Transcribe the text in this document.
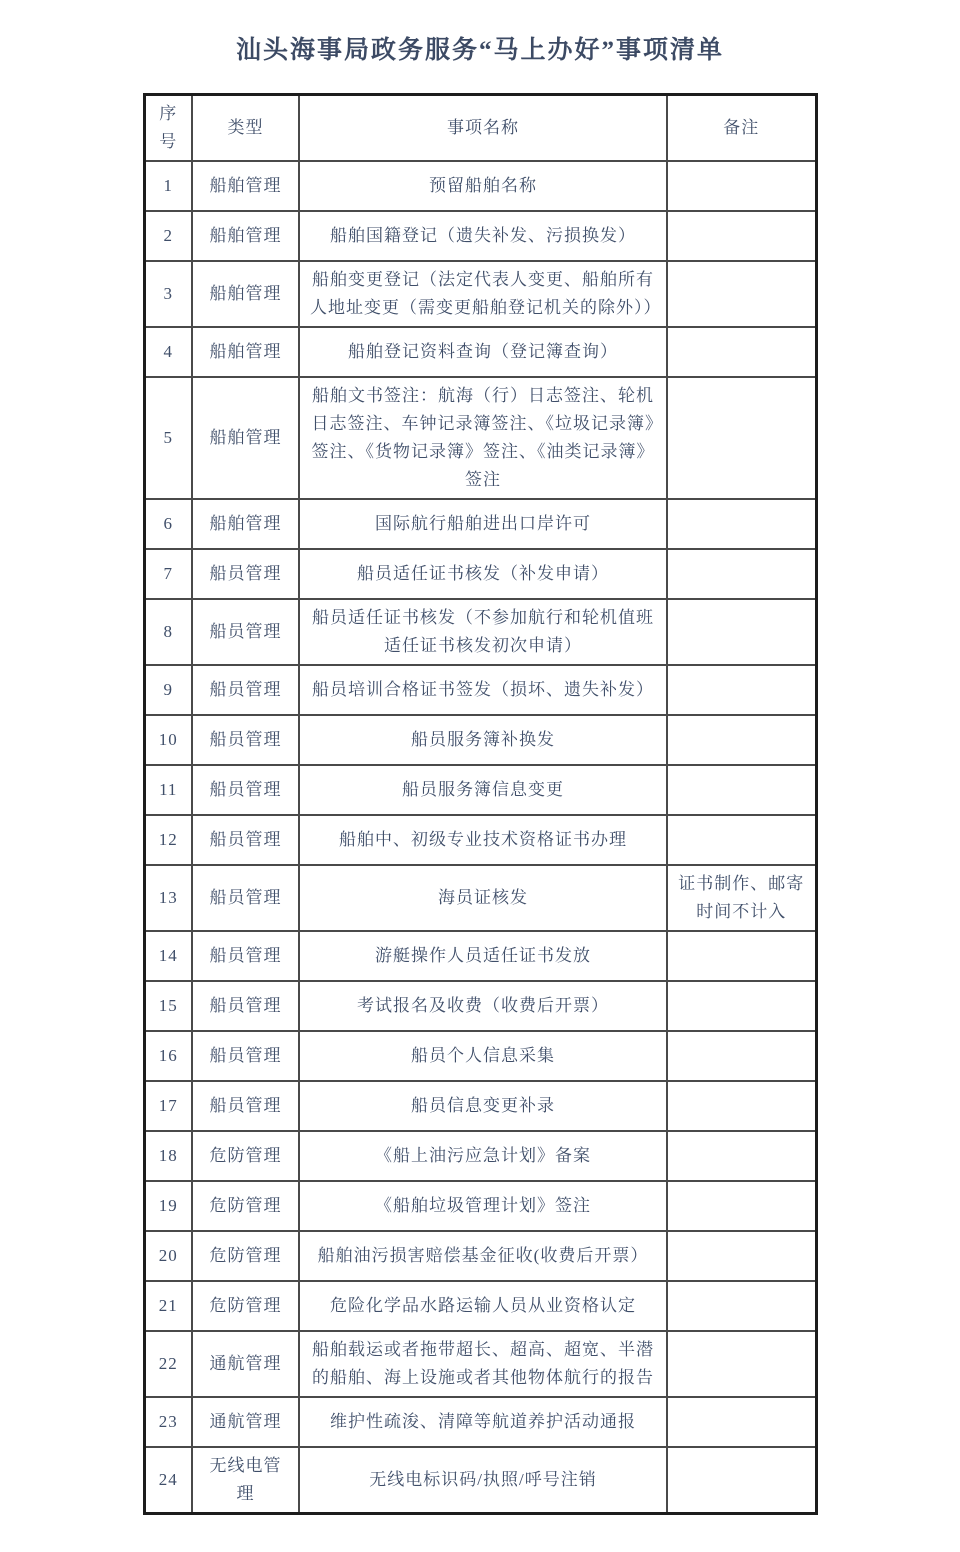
汕头海事局政务服务“马上办好”事项清单
序号	类型	事项名称	备注
1	船舶管理	预留船舶名称	
2	船舶管理	船舶国籍登记（遗失补发、污损换发）	
3	船舶管理	船舶变更登记（法定代表人变更、船舶所有人地址变更（需变更船舶登记机关的除外））	
4	船舶管理	船舶登记资料查询（登记簿查询）	
5	船舶管理	船舶文书签注：航海（行）日志签注、轮机日志签注、车钟记录簿签注、《垃圾记录簿》签注、《货物记录簿》签注、《油类记录簿》签注	
6	船舶管理	国际航行船舶进出口岸许可	
7	船员管理	船员适任证书核发（补发申请）	
8	船员管理	船员适任证书核发（不参加航行和轮机值班适任证书核发初次申请）	
9	船员管理	船员培训合格证书签发（损坏、遗失补发）	
10	船员管理	船员服务簿补换发	
11	船员管理	船员服务簿信息变更	
12	船员管理	船舶中、初级专业技术资格证书办理	
13	船员管理	海员证核发	证书制作、邮寄时间不计入
14	船员管理	游艇操作人员适任证书发放	
15	船员管理	考试报名及收费（收费后开票）	
16	船员管理	船员个人信息采集	
17	船员管理	船员信息变更补录	
18	危防管理	《船上油污应急计划》备案	
19	危防管理	《船舶垃圾管理计划》签注	
20	危防管理	船舶油污损害赔偿基金征收(收费后开票）	
21	危防管理	危险化学品水路运输人员从业资格认定	
22	通航管理	船舶载运或者拖带超长、超高、超宽、半潜的船舶、海上设施或者其他物体航行的报告	
23	通航管理	维护性疏浚、清障等航道养护活动通报	
24	无线电管理	无线电标识码/执照/呼号注销	
